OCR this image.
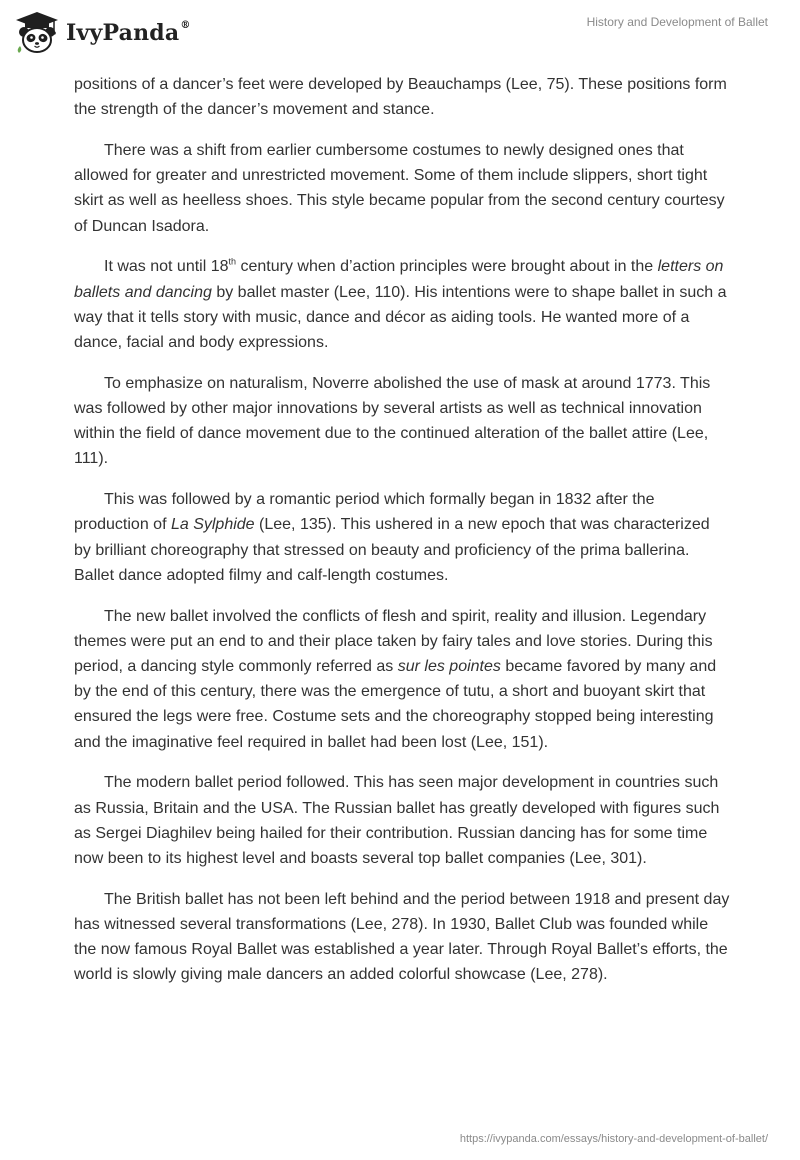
IvyPanda®	History and Development of Ballet

positions of a dancer’s feet were developed by Beauchamps (Lee, 75). These positions form the strength of the dancer’s movement and stance.

There was a shift from earlier cumbersome costumes to newly designed ones that allowed for greater and unrestricted movement. Some of them include slippers, short tight skirt as well as heelless shoes. This style became popular from the second century courtesy of Duncan Isadora.

It was not until 18th century when d’action principles were brought about in the letters on ballets and dancing by ballet master (Lee, 110). His intentions were to shape ballet in such a way that it tells story with music, dance and décor as aiding tools. He wanted more of a dance, facial and body expressions.

To emphasize on naturalism, Noverre abolished the use of mask at around 1773. This was followed by other major innovations by several artists as well as technical innovation within the field of dance movement due to the continued alteration of the ballet attire (Lee, 111).

This was followed by a romantic period which formally began in 1832 after the production of La Sylphide (Lee, 135). This ushered in a new epoch that was characterized by brilliant choreography that stressed on beauty and proficiency of the prima ballerina. Ballet dance adopted filmy and calf-length costumes.

The new ballet involved the conflicts of flesh and spirit, reality and illusion. Legendary themes were put an end to and their place taken by fairy tales and love stories. During this period, a dancing style commonly referred as sur les pointes became favored by many and by the end of this century, there was the emergence of tutu, a short and buoyant skirt that ensured the legs were free. Costume sets and the choreography stopped being interesting and the imaginative feel required in ballet had been lost (Lee, 151).

The modern ballet period followed. This has seen major development in countries such as Russia, Britain and the USA. The Russian ballet has greatly developed with figures such as Sergei Diaghilev being hailed for their contribution. Russian dancing has for some time now been to its highest level and boasts several top ballet companies (Lee, 301).

The British ballet has not been left behind and the period between 1918 and present day has witnessed several transformations (Lee, 278). In 1930, Ballet Club was founded while the now famous Royal Ballet was established a year later. Through Royal Ballet’s efforts, the world is slowly giving male dancers an added colorful showcase (Lee, 278).

https://ivypanda.com/essays/history-and-development-of-ballet/
